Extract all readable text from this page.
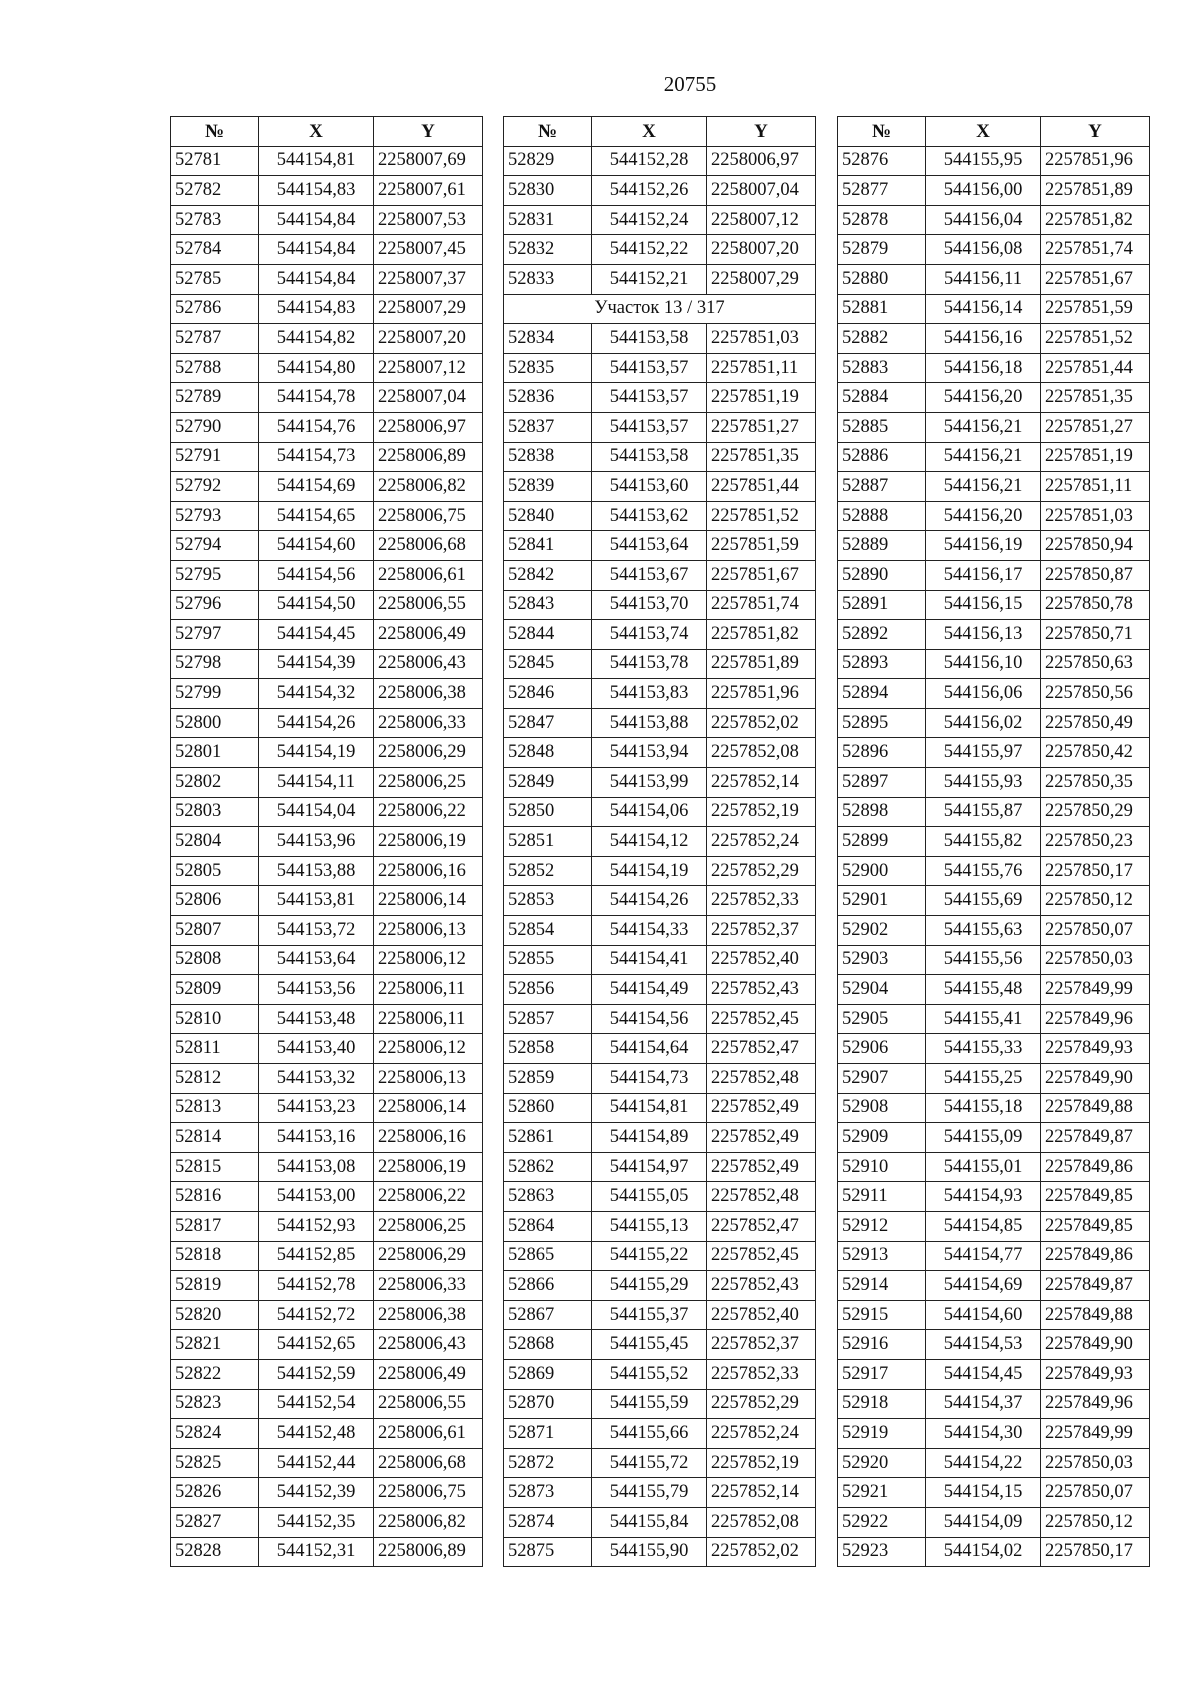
20755
№	X	Y
52781	544154,81	2258007,69
52782	544154,83	2258007,61
52783	544154,84	2258007,53
52784	544154,84	2258007,45
52785	544154,84	2258007,37
52786	544154,83	2258007,29
52787	544154,82	2258007,20
52788	544154,80	2258007,12
52789	544154,78	2258007,04
52790	544154,76	2258006,97
52791	544154,73	2258006,89
52792	544154,69	2258006,82
52793	544154,65	2258006,75
52794	544154,60	2258006,68
52795	544154,56	2258006,61
52796	544154,50	2258006,55
52797	544154,45	2258006,49
52798	544154,39	2258006,43
52799	544154,32	2258006,38
52800	544154,26	2258006,33
52801	544154,19	2258006,29
52802	544154,11	2258006,25
52803	544154,04	2258006,22
52804	544153,96	2258006,19
52805	544153,88	2258006,16
52806	544153,81	2258006,14
52807	544153,72	2258006,13
52808	544153,64	2258006,12
52809	544153,56	2258006,11
52810	544153,48	2258006,11
52811	544153,40	2258006,12
52812	544153,32	2258006,13
52813	544153,23	2258006,14
52814	544153,16	2258006,16
52815	544153,08	2258006,19
52816	544153,00	2258006,22
52817	544152,93	2258006,25
52818	544152,85	2258006,29
52819	544152,78	2258006,33
52820	544152,72	2258006,38
52821	544152,65	2258006,43
52822	544152,59	2258006,49
52823	544152,54	2258006,55
52824	544152,48	2258006,61
52825	544152,44	2258006,68
52826	544152,39	2258006,75
52827	544152,35	2258006,82
52828	544152,31	2258006,89
№	X	Y
52829	544152,28	2258006,97
52830	544152,26	2258007,04
52831	544152,24	2258007,12
52832	544152,22	2258007,20
52833	544152,21	2258007,29
Участок 13 / 317		
52834	544153,58	2257851,03
52835	544153,57	2257851,11
52836	544153,57	2257851,19
52837	544153,57	2257851,27
52838	544153,58	2257851,35
52839	544153,60	2257851,44
52840	544153,62	2257851,52
52841	544153,64	2257851,59
52842	544153,67	2257851,67
52843	544153,70	2257851,74
52844	544153,74	2257851,82
52845	544153,78	2257851,89
52846	544153,83	2257851,96
52847	544153,88	2257852,02
52848	544153,94	2257852,08
52849	544153,99	2257852,14
52850	544154,06	2257852,19
52851	544154,12	2257852,24
52852	544154,19	2257852,29
52853	544154,26	2257852,33
52854	544154,33	2257852,37
52855	544154,41	2257852,40
52856	544154,49	2257852,43
52857	544154,56	2257852,45
52858	544154,64	2257852,47
52859	544154,73	2257852,48
52860	544154,81	2257852,49
52861	544154,89	2257852,49
52862	544154,97	2257852,49
52863	544155,05	2257852,48
52864	544155,13	2257852,47
52865	544155,22	2257852,45
52866	544155,29	2257852,43
52867	544155,37	2257852,40
52868	544155,45	2257852,37
52869	544155,52	2257852,33
52870	544155,59	2257852,29
52871	544155,66	2257852,24
52872	544155,72	2257852,19
52873	544155,79	2257852,14
52874	544155,84	2257852,08
52875	544155,90	2257852,02
№	X	Y
52876	544155,95	2257851,96
52877	544156,00	2257851,89
52878	544156,04	2257851,82
52879	544156,08	2257851,74
52880	544156,11	2257851,67
52881	544156,14	2257851,59
52882	544156,16	2257851,52
52883	544156,18	2257851,44
52884	544156,20	2257851,35
52885	544156,21	2257851,27
52886	544156,21	2257851,19
52887	544156,21	2257851,11
52888	544156,20	2257851,03
52889	544156,19	2257850,94
52890	544156,17	2257850,87
52891	544156,15	2257850,78
52892	544156,13	2257850,71
52893	544156,10	2257850,63
52894	544156,06	2257850,56
52895	544156,02	2257850,49
52896	544155,97	2257850,42
52897	544155,93	2257850,35
52898	544155,87	2257850,29
52899	544155,82	2257850,23
52900	544155,76	2257850,17
52901	544155,69	2257850,12
52902	544155,63	2257850,07
52903	544155,56	2257850,03
52904	544155,48	2257849,99
52905	544155,41	2257849,96
52906	544155,33	2257849,93
52907	544155,25	2257849,90
52908	544155,18	2257849,88
52909	544155,09	2257849,87
52910	544155,01	2257849,86
52911	544154,93	2257849,85
52912	544154,85	2257849,85
52913	544154,77	2257849,86
52914	544154,69	2257849,87
52915	544154,60	2257849,88
52916	544154,53	2257849,90
52917	544154,45	2257849,93
52918	544154,37	2257849,96
52919	544154,30	2257849,99
52920	544154,22	2257850,03
52921	544154,15	2257850,07
52922	544154,09	2257850,12
52923	544154,02	2257850,17
